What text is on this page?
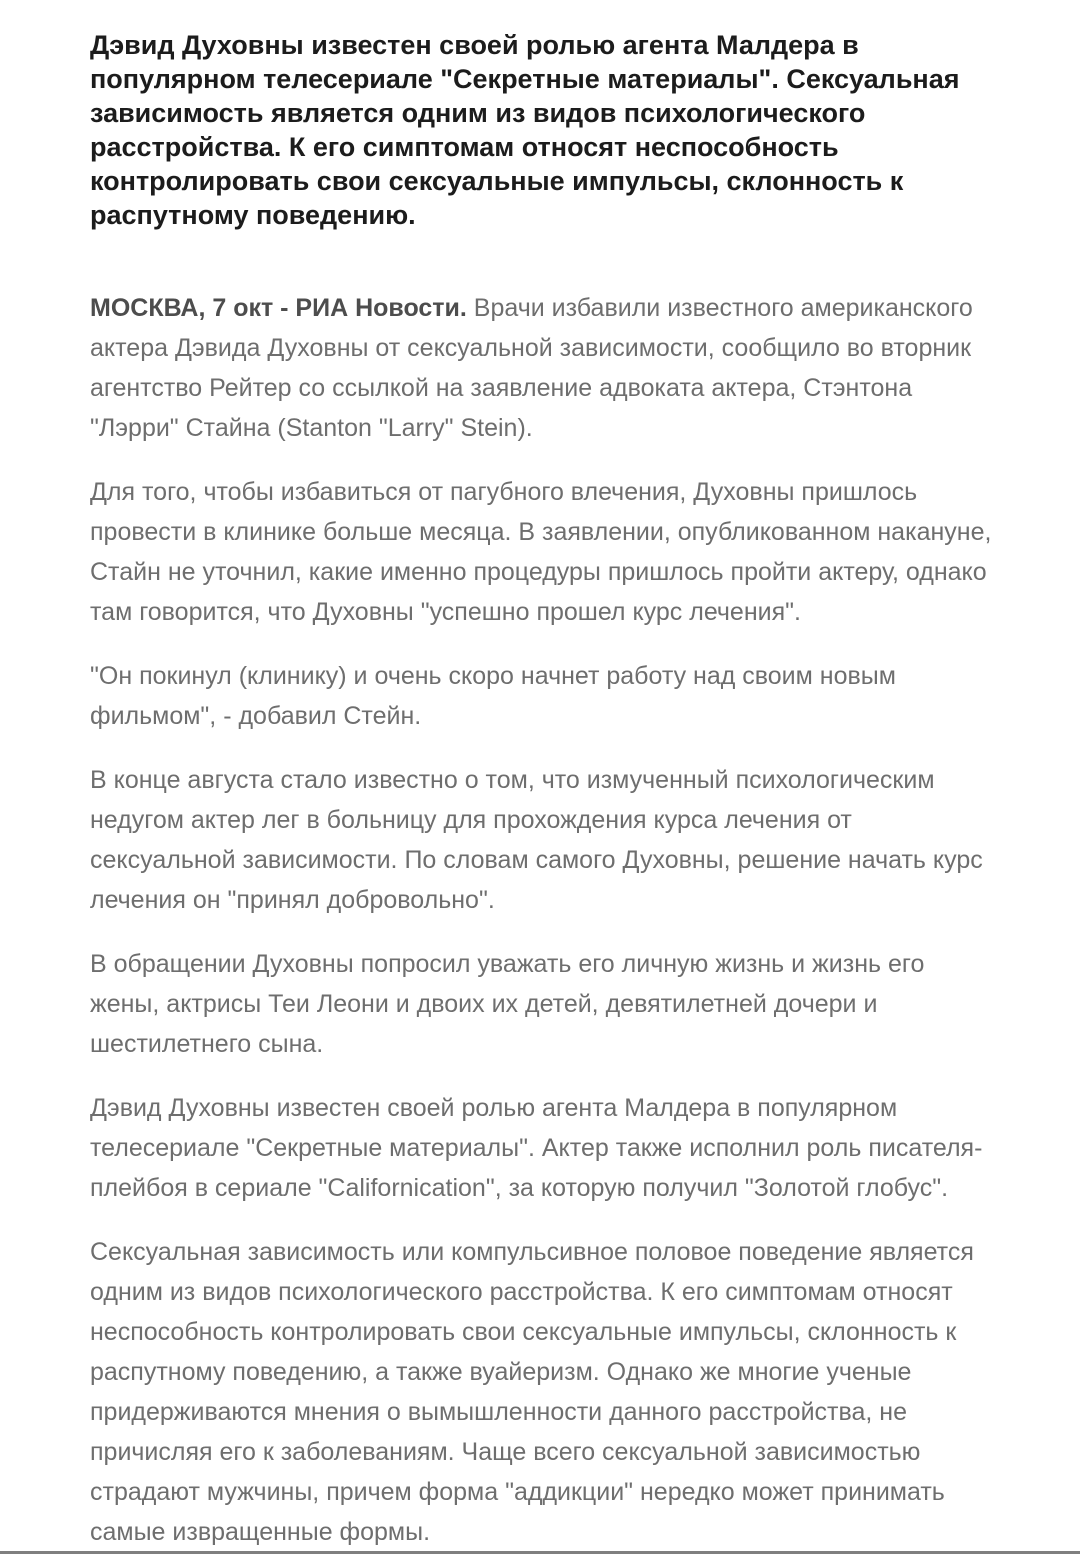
Дэвид Духовны известен своей ролью агента Малдера в популярном телесериале "Секретные материалы". Сексуальная зависимость является одним из видов психологического расстройства. К его симптомам относят неспособность контролировать свои сексуальные импульсы, склонность к распутному поведению.

МОСКВА, 7 окт - РИА Новости. Врачи избавили известного американского актера Дэвида Духовны от сексуальной зависимости, сообщило во вторник агентство Рейтер со ссылкой на заявление адвоката актера, Стэнтона "Лэрри" Стайна (Stanton "Larry" Stein).

Для того, чтобы избавиться от пагубного влечения, Духовны пришлось провести в клинике больше месяца. В заявлении, опубликованном накануне, Стайн не уточнил, какие именно процедуры пришлось пройти актеру, однако там говорится, что Духовны "успешно прошел курс лечения".

"Он покинул (клинику) и очень скоро начнет работу над своим новым фильмом", - добавил Стейн.

В конце августа стало известно о том, что измученный психологическим недугом актер лег в больницу для прохождения курса лечения от сексуальной зависимости. По словам самого Духовны, решение начать курс лечения он "принял добровольно".

В обращении Духовны попросил уважать его личную жизнь и жизнь его жены, актрисы Теи Леони и двоих их детей, девятилетней дочери и шестилетнего сына.

Дэвид Духовны известен своей ролью агента Малдера в популярном телесериале "Секретные материалы". Актер также исполнил роль писателя-плейбоя в сериале "Californication", за которую получил "Золотой глобус".

Сексуальная зависимость или компульсивное половое поведение является одним из видов психологического расстройства. К его симптомам относят неспособность контролировать свои сексуальные импульсы, склонность к распутному поведению, а также вуайеризм. Однако же многие ученые придерживаются мнения о вымышленности данного расстройства, не причисляя его к заболеваниям. Чаще всего сексуальной зависимостью страдают мужчины, причем форма "аддикции" нередко может принимать самые извращенные формы.
